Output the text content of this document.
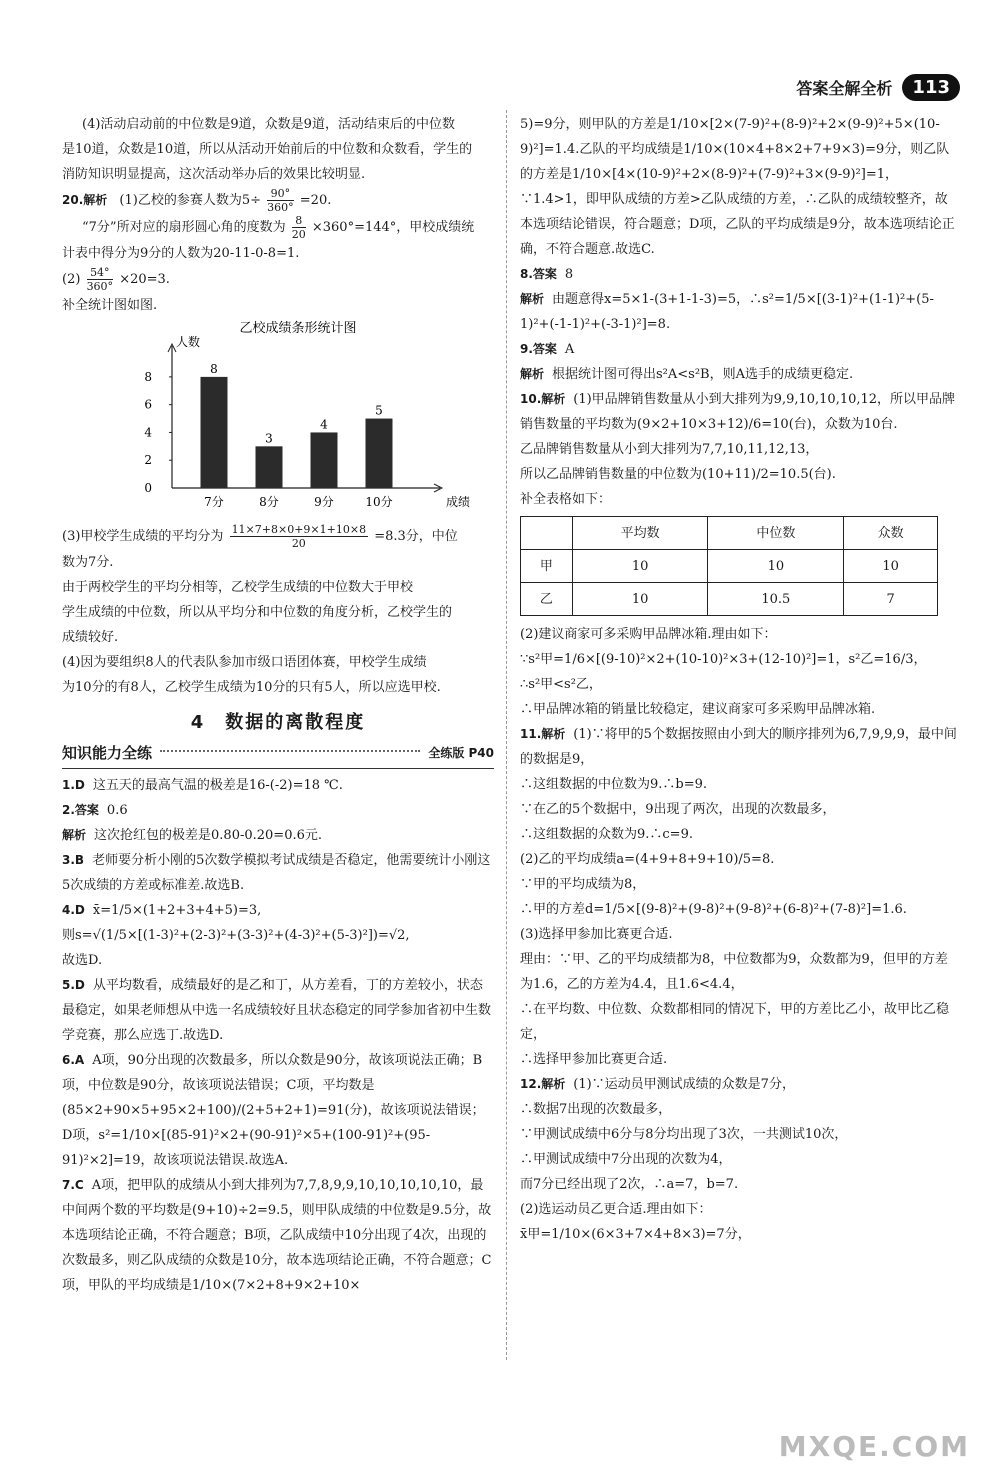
答案全解全析	113

(4)活动启动前的中位数是9道，众数是9道，活动结束后的中位数

是10道，众数是10道，所以从活动开始前后的中位数和众数看，学生的

消防知识明显提高，这次活动举办后的效果比较明显.

20.解析 (1)乙校的参赛人数为$5\div \frac{90^\circ}{360^\circ} =20$.

“7分”所对应的扇形圆心角的度数为 $\frac{8}{20} \times 360^\circ=144^\circ$，甲校成绩统

计表中得分为9分的人数为20-11-0-8=1.

$(2) \frac{54^\circ}{360^\circ} \times 20=3$.

补全统计图如图.

乙校成绩条形统计图
人数
成绩
0
2
4
6
8
8
7分
3
8分
4
9分
5
10分

(3)甲校学生成绩的平均分为 $\frac{11\times 7+8\times 0+9\times 1+10\times 8}{20} =8.3$分，中位

数为7分.

由于两校学生的平均分相等，乙校学生成绩的中位数大于甲校

学生成绩的中位数，所以从平均分和中位数的角度分析，乙校学生的

成绩较好.

(4)因为要组织8人的代表队参加市级口语团体赛，甲校学生成绩

为10分的有8人，乙校学生成绩为10分的只有5人，所以应选甲校.

4　数据的离散程度
知识能力全练	全练版 P40

1.D 这五天的最高气温的极差是16-(-2)=18 ℃.

2.答案 0.6

解析 这次抢红包的极差是0.80-0.20=0.6元.

3.B 老师要分析小刚的5次数学模拟考试成绩是否稳定，他需要统计小刚这5次成绩的方差或标准差.故选B.

4.D x̄=1/5×(1+2+3+4+5)=3,

则s=√(1/5×[(1-3)²+(2-3)²+(3-3)²+(4-3)²+(5-3)²])=√2,

故选D.

5.D 从平均数看，成绩最好的是乙和丁，从方差看，丁的方差较小，状态最稳定，如果老师想从中选一名成绩较好且状态稳定的同学参加省初中生数学竞赛，那么应选丁.故选D.

6.A A项，90分出现的次数最多，所以众数是90分，故该项说法正确；B项，中位数是90分，故该项说法错误；C项，平均数是(85×2+90×5+95×2+100)/(2+5+2+1)=91(分)，故该项说法错误；D项，s²=1/10×[(85-91)²×2+(90-91)²×5+(100-91)²+(95-91)²×2]=19，故该项说法错误.故选A.

7.C A项，把甲队的成绩从小到大排列为7,7,8,9,9,10,10,10,10,10，最中间两个数的平均数是(9+10)÷2=9.5，则甲队成绩的中位数是9.5分，故本选项结论正确，不符合题意；B项，乙队成绩中10分出现了4次，出现的次数最多，则乙队成绩的众数是10分，故本选项结论正确，不符合题意；C项，甲队的平均成绩是1/10×(7×2+8+9×2+10×

5)=9分，则甲队的方差是1/10×[2×(7-9)²+(8-9)²+2×(9-9)²+5×(10-9)²]=1.4.乙队的平均成绩是1/10×(10×4+8×2+7+9×3)=9分，则乙队的方差是1/10×[4×(10-9)²+2×(8-9)²+(7-9)²+3×(9-9)²]=1，∵1.4>1，即甲队成绩的方差>乙队成绩的方差，∴乙队的成绩较整齐，故本选项结论错误，符合题意；D项，乙队的平均成绩是9分，故本选项结论正确，不符合题意.故选C.

8.答案 8

解析 由题意得x=5×1-(3+1-1-3)=5，∴s²=1/5×[(3-1)²+(1-1)²+(5-1)²+(-1-1)²+(-3-1)²]=8.

9.答案 A

解析 根据统计图可得出s²A<s²B，则A选手的成绩更稳定.

10.解析 (1)甲品牌销售数量从小到大排列为9,9,10,10,10,12，所以甲品牌销售数量的平均数为(9×2+10×3+12)/6=10(台)，众数为10台.

乙品牌销售数量从小到大排列为7,7,10,11,12,13，

所以乙品牌销售数量的中位数为(10+11)/2=10.5(台).

补全表格如下：

	平均数	中位数	众数
甲	10	10	10
乙	10	10.5	7

(2)建议商家可多采购甲品牌冰箱.理由如下：

∵s²甲=1/6×[(9-10)²×2+(10-10)²×3+(12-10)²]=1，s²乙=16/3，

∴s²甲<s²乙，

∴甲品牌冰箱的销量比较稳定，建议商家可多采购甲品牌冰箱.

11.解析 (1)∵将甲的5个数据按照由小到大的顺序排列为6,7,9,9,9，最中间的数据是9，

∴这组数据的中位数为9.∴b=9.

∵在乙的5个数据中，9出现了两次，出现的次数最多，

∴这组数据的众数为9.∴c=9.

(2)乙的平均成绩a=(4+9+8+9+10)/5=8.

∵甲的平均成绩为8，

∴甲的方差d=1/5×[(9-8)²+(9-8)²+(9-8)²+(6-8)²+(7-8)²]=1.6.

(3)选择甲参加比赛更合适.

理由：∵甲、乙的平均成绩都为8，中位数都为9，众数都为9，但甲的方差为1.6，乙的方差为4.4，且1.6<4.4，

∴在平均数、中位数、众数都相同的情况下，甲的方差比乙小，故甲比乙稳定，

∴选择甲参加比赛更合适.

12.解析 (1)∵运动员甲测试成绩的众数是7分，

∴数据7出现的次数最多，

∵甲测试成绩中6分与8分均出现了3次，一共测试10次，

∴甲测试成绩中7分出现的次数为4，

而7分已经出现了2次，∴a=7，b=7.

(2)选运动员乙更合适.理由如下：

x̄甲=1/10×(6×3+7×4+8×3)=7分，

MXQE.COM
